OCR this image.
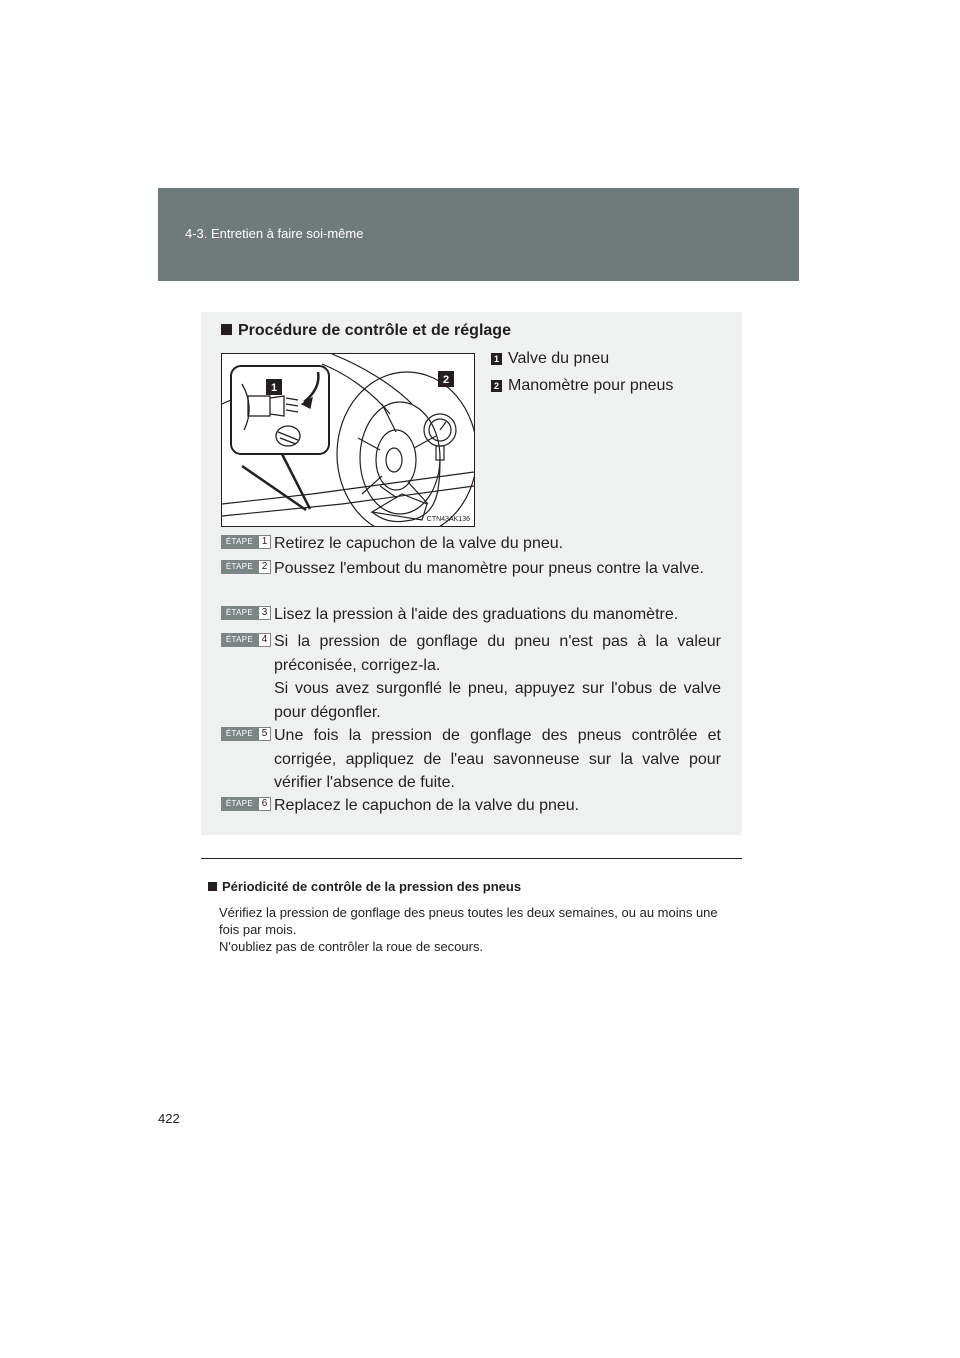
4-3. Entretien à faire soi-même
Procédure de contrôle et de réglage
1
2
CTN43AK136
1 Valve du pneu
2 Manomètre pour pneus
ÉTAPE 1 Retirez le capuchon de la valve du pneu.
ÉTAPE 2 Poussez l'embout du manomètre pour pneus contre la valve.
ÉTAPE 3 Lisez la pression à l'aide des graduations du manomètre.
ÉTAPE 4 Si la pression de gonflage du pneu n'est pas à la valeur préconisée, corrigez-la.
Si vous avez surgonflé le pneu, appuyez sur l'obus de valve pour dégonfler.
ÉTAPE 5 Une fois la pression de gonflage des pneus contrôlée et corrigée, appliquez de l'eau savonneuse sur la valve pour vérifier l'absence de fuite.
ÉTAPE 6 Replacez le capuchon de la valve du pneu.
Périodicité de contrôle de la pression des pneus
Vérifiez la pression de gonflage des pneus toutes les deux semaines, ou au moins une fois par mois.
N'oubliez pas de contrôler la roue de secours.
422
